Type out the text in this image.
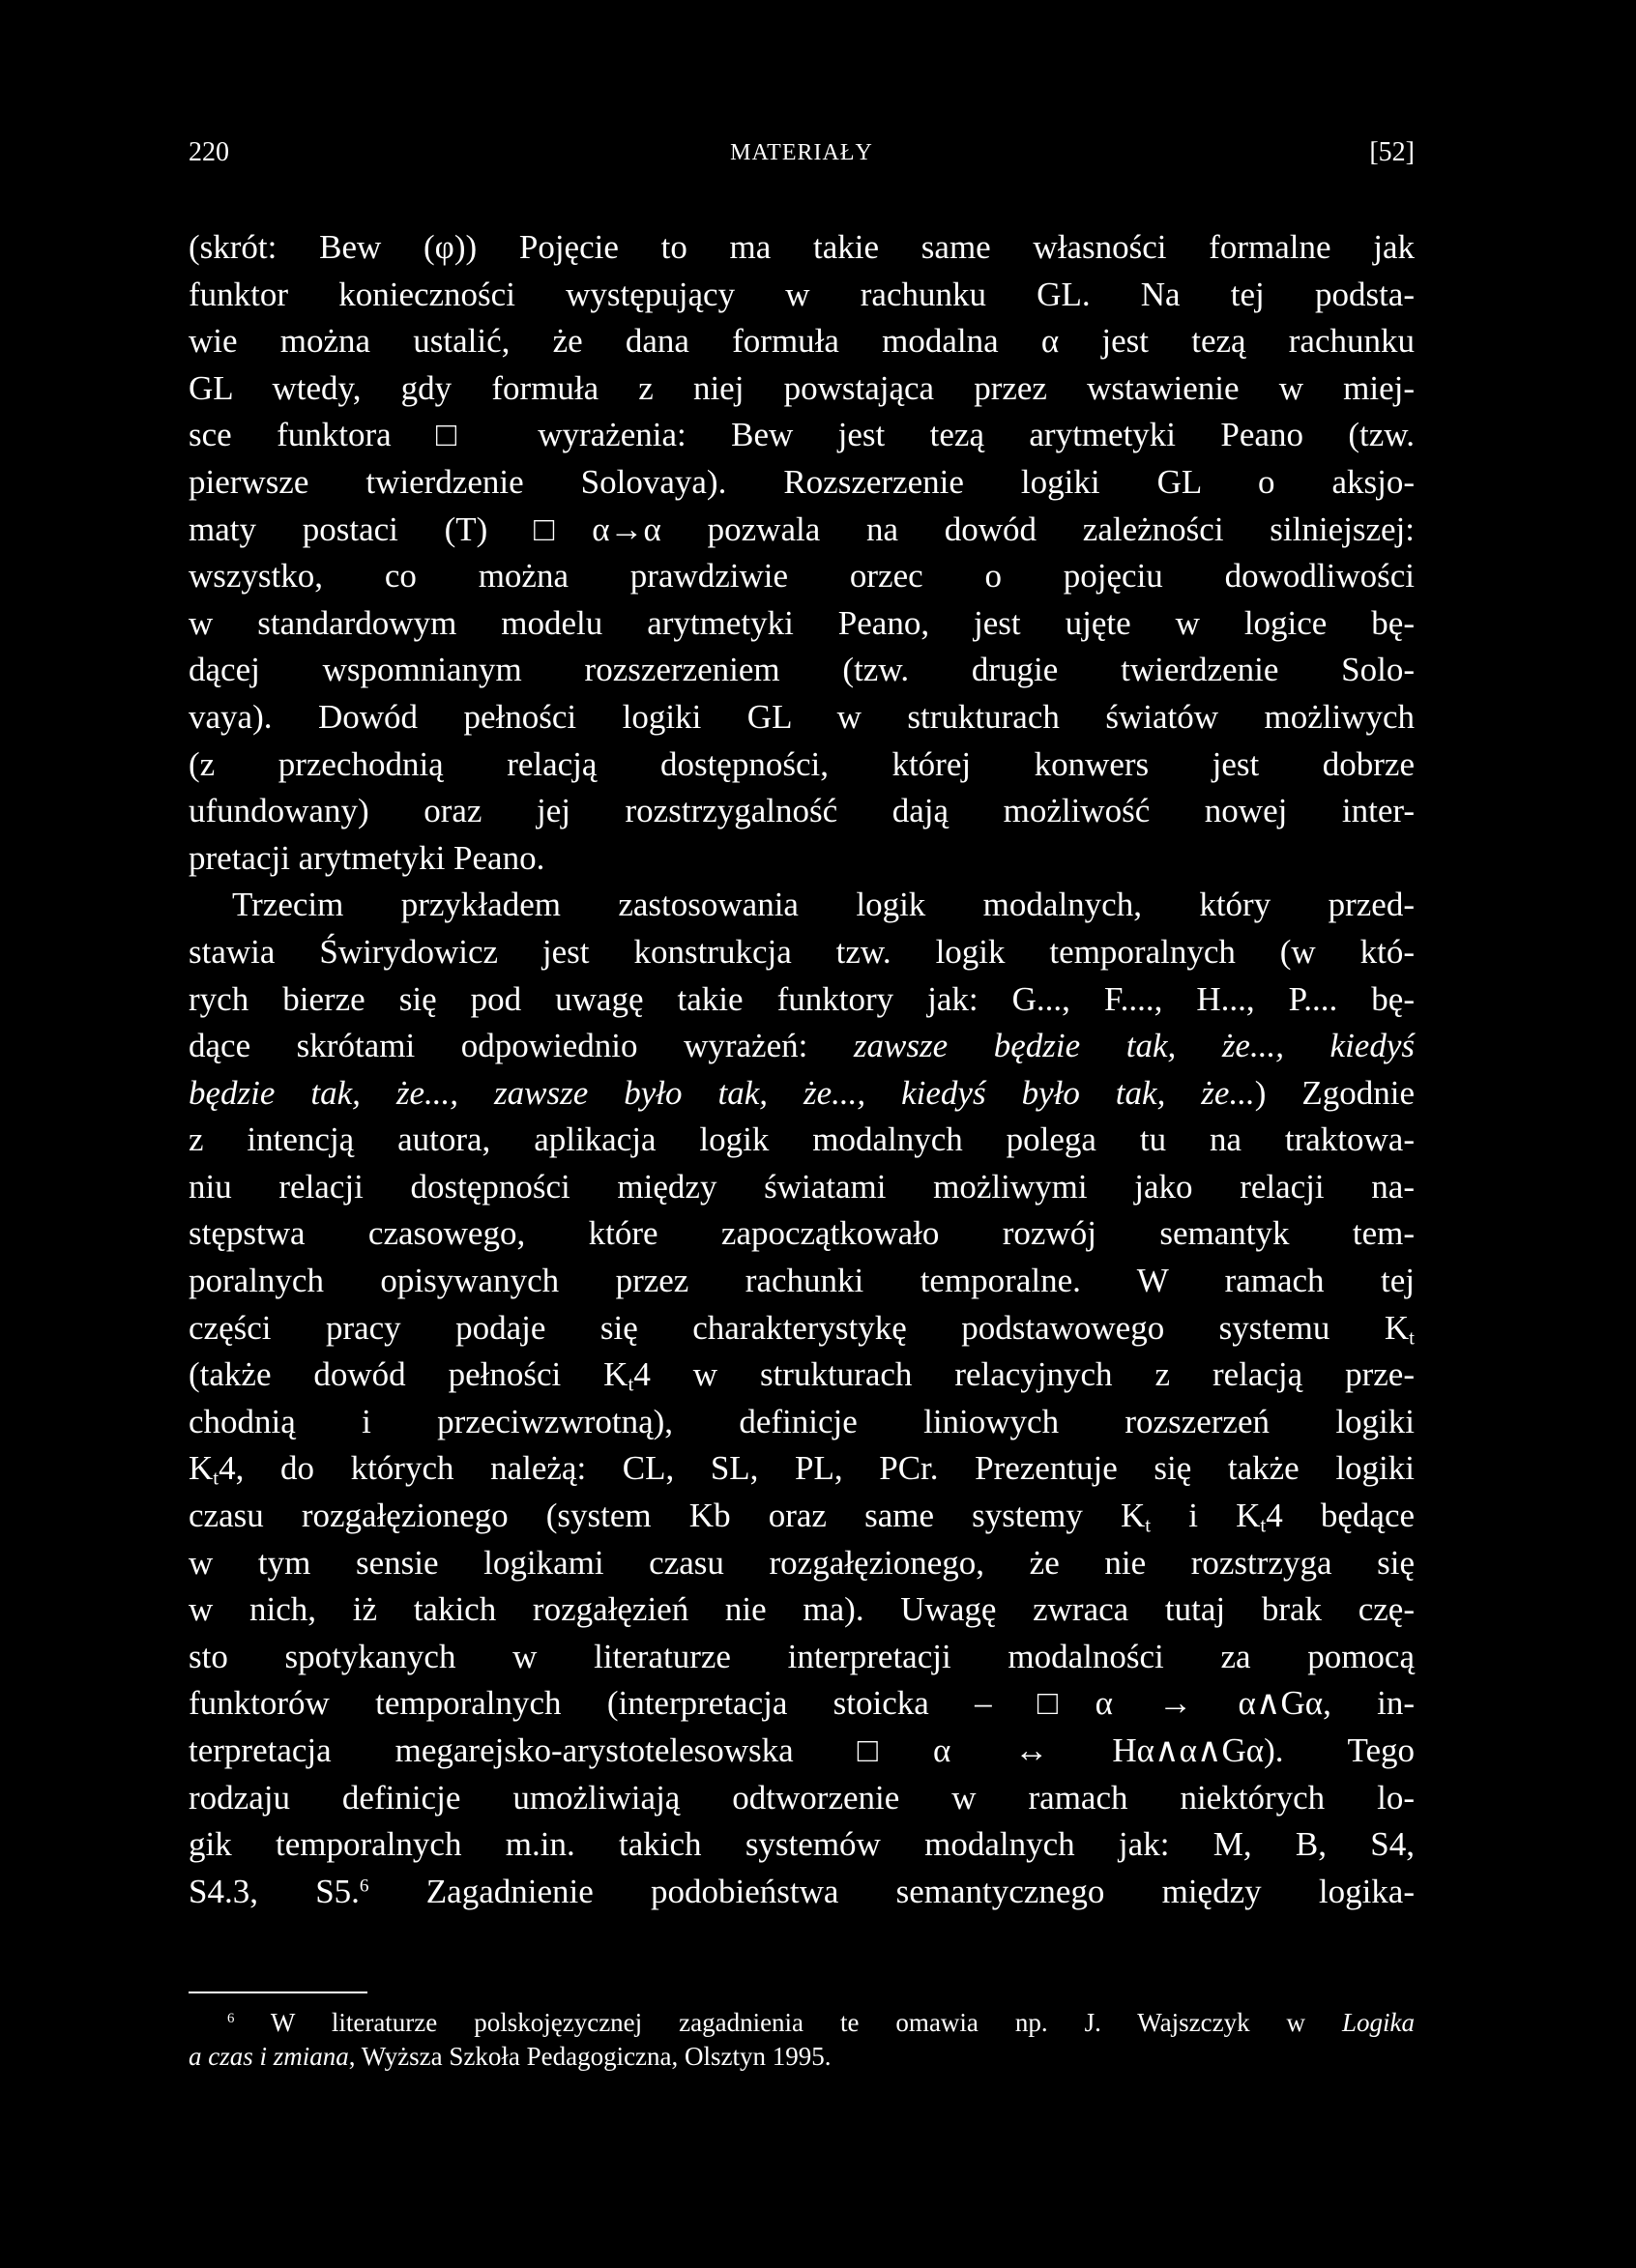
220	MATERIAŁY	[52]
(skrót: Bew (φ)) Pojęcie to ma takie same własności formalne jak
funktor konieczności występujący w rachunku GL. Na tej podsta-
wie można ustalić, że dana formuła modalna α jest tezą rachunku
GL wtedy, gdy formuła z niej powstająca przez wstawienie w miej-
sce funktora □ wyrażenia: Bew jest tezą arytmetyki Peano (tzw.
pierwsze twierdzenie Solovaya). Rozszerzenie logiki GL o aksjo-
maty postaci (T) □α→α pozwala na dowód zależności silniejszej:
wszystko, co można prawdziwie orzec o pojęciu dowodliwości
w standardowym modelu arytmetyki Peano, jest ujęte w logice bę-
dącej wspomnianym rozszerzeniem (tzw. drugie twierdzenie Solo-
vaya). Dowód pełności logiki GL w strukturach światów możliwych
(z przechodnią relacją dostępności, której konwers jest dobrze
ufundowany) oraz jej rozstrzygalność dają możliwość nowej inter-
pretacji arytmetyki Peano.
Trzecim przykładem zastosowania logik modalnych, który przed-
stawia Świrydowicz jest konstrukcja tzw. logik temporalnych (w któ-
rych bierze się pod uwagę takie funktory jak: G..., F...., H..., P.... bę-
dące skrótami odpowiednio wyrażeń: zawsze będzie tak, że..., kiedyś
będzie tak, że..., zawsze było tak, że..., kiedyś było tak, że...) Zgodnie
z intencją autora, aplikacja logik modalnych polega tu na traktowa-
niu relacji dostępności między światami możliwymi jako relacji na-
stępstwa czasowego, które zapoczątkowało rozwój semantyk tem-
poralnych opisywanych przez rachunki temporalne. W ramach tej
części pracy podaje się charakterystykę podstawowego systemu $K_t$
(także dowód pełności $K_t4$ w strukturach relacyjnych z relacją prze-
chodnią i przeciwzwrotną), definicje liniowych rozszerzeń logiki
$K_t4$, do których należą: CL, SL, PL, PCr. Prezentuje się także logiki
czasu rozgałęzionego (system Kb oraz same systemy $K_t$ i $K_t4$ będące
w tym sensie logikami czasu rozgałęzionego, że nie rozstrzyga się
w nich, iż takich rozgałęzień nie ma). Uwagę zwraca tutaj brak czę-
sto spotykanych w literaturze interpretacji modalności za pomocą
funktorów temporalnych (interpretacja stoicka – □α → α∧Gα, in-
terpretacja megarejsko-arystotelesowska □α ↔ Hα∧α∧Gα). Tego
rodzaju definicje umożliwiają odtworzenie w ramach niektórych lo-
gik temporalnych m.in. takich systemów modalnych jak: M, B, S4,
S4.3, S5.$^6$ Zagadnienie podobieństwa semantycznego między logika-
$^6$ W literaturze polskojęzycznej zagadnienia te omawia np. J. Wajszczyk w Logika
a czas i zmiana, Wyższa Szkoła Pedagogiczna, Olsztyn 1995.
